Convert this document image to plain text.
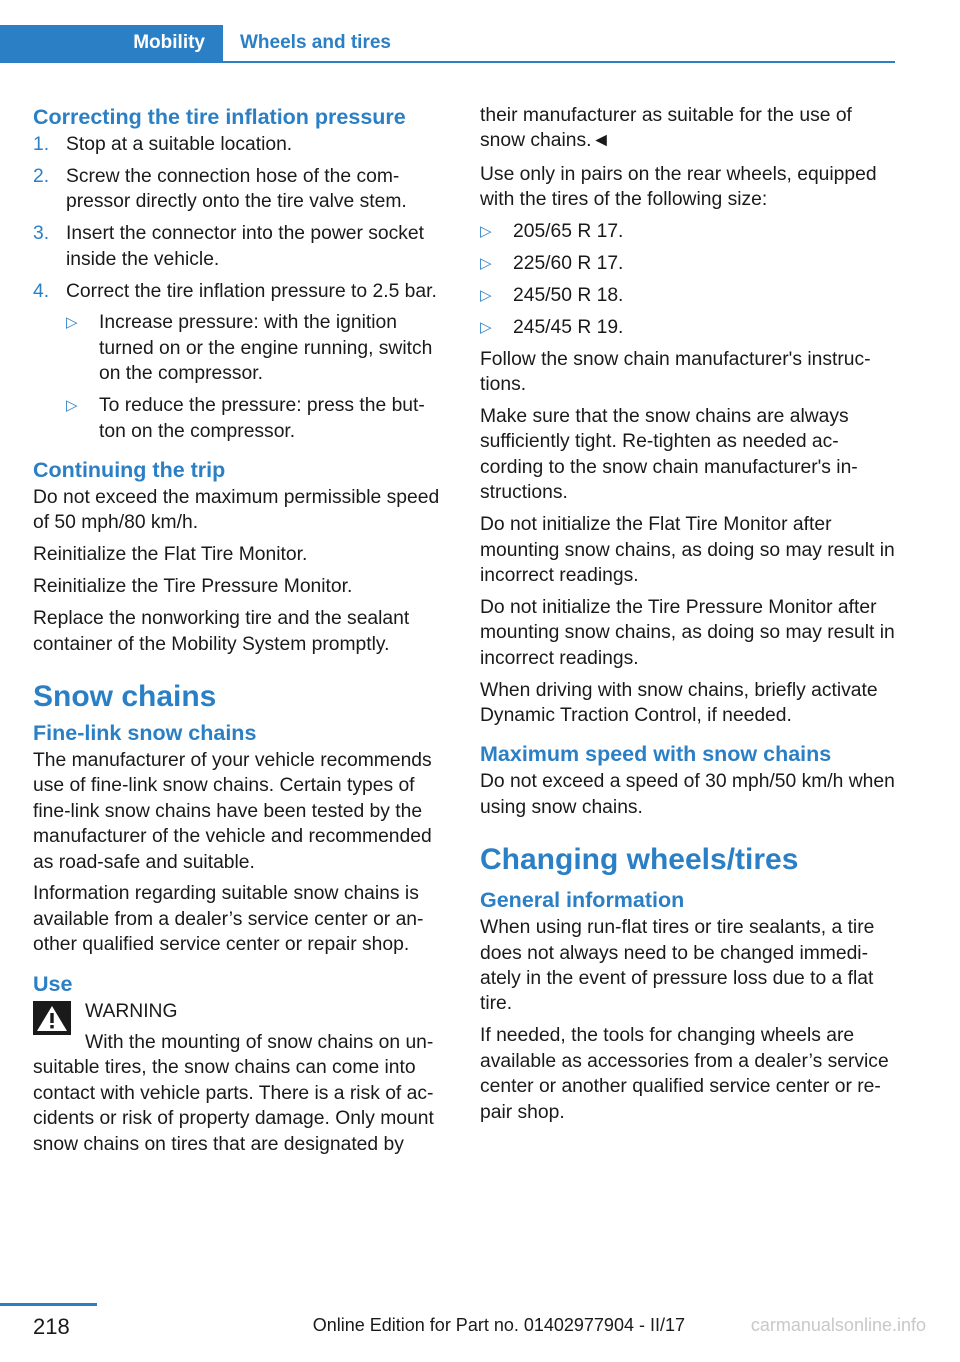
Mobility	Wheels and tires
Correcting the tire inflation pressure
1. Stop at a suitable location.
2. Screw the connection hose of the com-pressor directly onto the tire valve stem.
3. Insert the connector into the power socket inside the vehicle.
4. Correct the tire inflation pressure to 2.5 bar.
▷ Increase pressure: with the ignition turned on or the engine running, switch on the compressor.
▷ To reduce the pressure: press the but-ton on the compressor.
Continuing the trip

Do not exceed the maximum permissible speed of 50 mph/80 km/h.

Reinitialize the Flat Tire Monitor.

Reinitialize the Tire Pressure Monitor.

Replace the nonworking tire and the sealant container of the Mobility System promptly.

Snow chains
Fine-link snow chains

The manufacturer of your vehicle recommends use of fine-link snow chains. Certain types of fine-link snow chains have been tested by the manufacturer of the vehicle and recommended as road-safe and suitable.

Information regarding suitable snow chains is available from a dealer’s service center or an-other qualified service center or repair shop.

Use
WARNING

With the mounting of snow chains on un-suitable tires, the snow chains can come into contact with vehicle parts. There is a risk of ac-cidents or risk of property damage. Only mount snow chains on tires that are designated by

their manufacturer as suitable for the use of snow chains.◄

Use only in pairs on the rear wheels, equipped with the tires of the following size:

▷ 205/65 R 17.
▷ 225/60 R 17.
▷ 245/50 R 18.
▷ 245/45 R 19.

Follow the snow chain manufacturer's instruc-tions.

Make sure that the snow chains are always sufficiently tight. Re-tighten as needed ac-cording to the snow chain manufacturer's in-structions.

Do not initialize the Flat Tire Monitor after mounting snow chains, as doing so may result in incorrect readings.

Do not initialize the Tire Pressure Monitor after mounting snow chains, as doing so may result in incorrect readings.

When driving with snow chains, briefly activate Dynamic Traction Control, if needed.

Maximum speed with snow chains

Do not exceed a speed of 30 mph/50 km/h when using snow chains.

Changing wheels/tires
General information

When using run-flat tires or tire sealants, a tire does not always need to be changed immedi-ately in the event of pressure loss due to a flat tire.

If needed, the tools for changing wheels are available as accessories from a dealer’s service center or another qualified service center or re-pair shop.

218	Online Edition for Part no. 01402977904 - II/17	carmanualsonline.info
